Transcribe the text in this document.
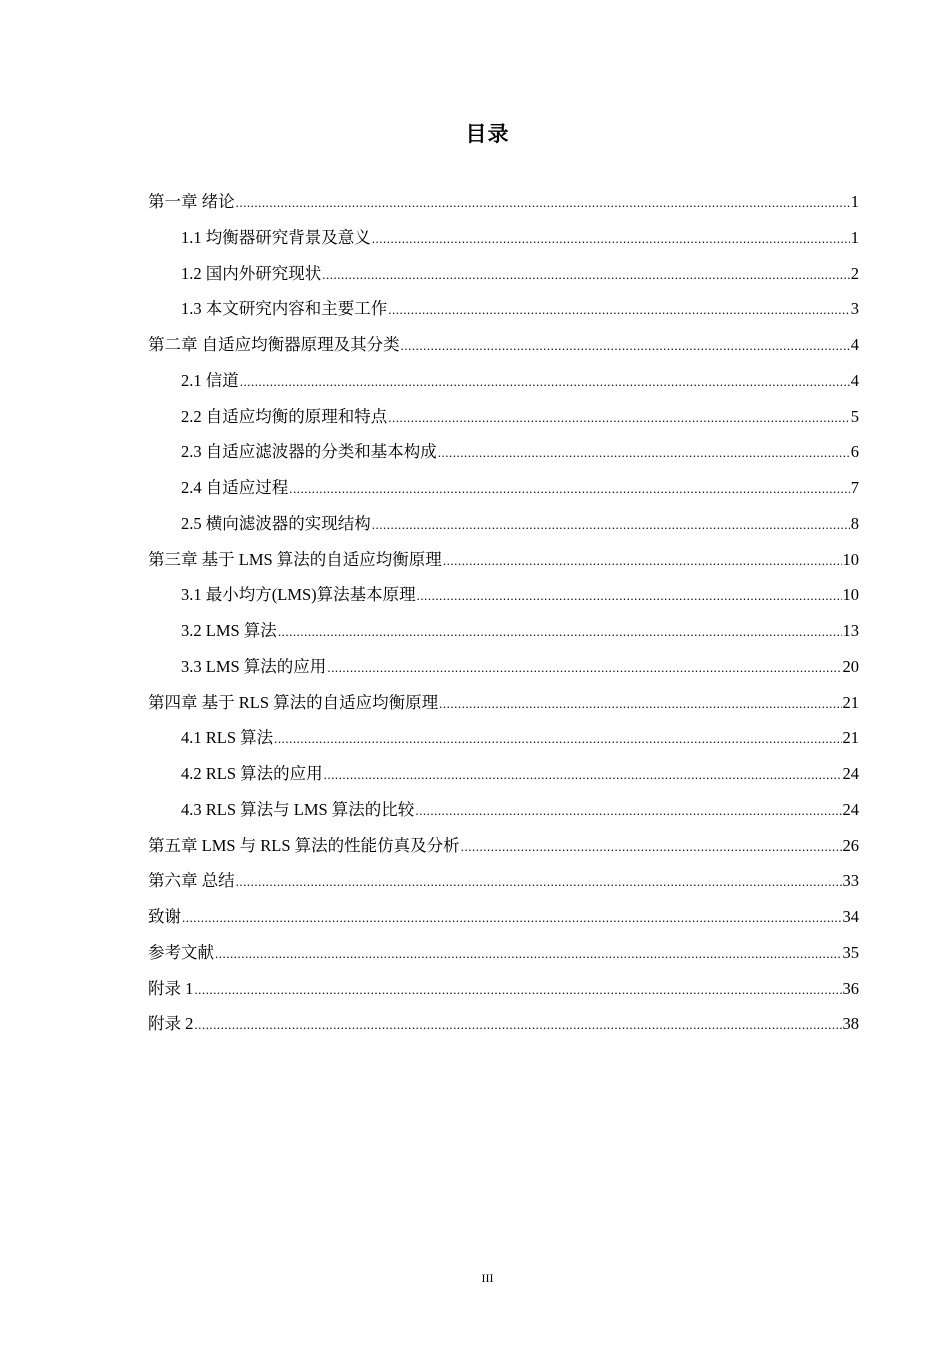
目录
第一章 绪论 .....	1
1.1 均衡器研究背景及意义 .....	1
1.2 国内外研究现状 .....	2
1.3 本文研究内容和主要工作 .....	3
第二章 自适应均衡器原理及其分类 .....	4
2.1 信道 .....	4
2.2 自适应均衡的原理和特点 .....	5
2.3 自适应滤波器的分类和基本构成 .....	6
2.4 自适应过程 .....	7
2.5 横向滤波器的实现结构 .....	8
第三章 基于 LMS 算法的自适应均衡原理 .....	10
3.1 最小均方(LMS)算法基本原理 .....	10
3.2 LMS 算法 .....	13
3.3 LMS 算法的应用 .....	20
第四章 基于 RLS 算法的自适应均衡原理 .....	21
4.1 RLS 算法 .....	21
4.2 RLS 算法的应用 .....	24
4.3 RLS 算法与 LMS 算法的比较 .....	24
第五章 LMS 与 RLS 算法的性能仿真及分析 .....	26
第六章 总结 .....	33
致谢 .....	34
参考文献 .....	35
附录 1 .....	36
附录 2 .....	38
III
